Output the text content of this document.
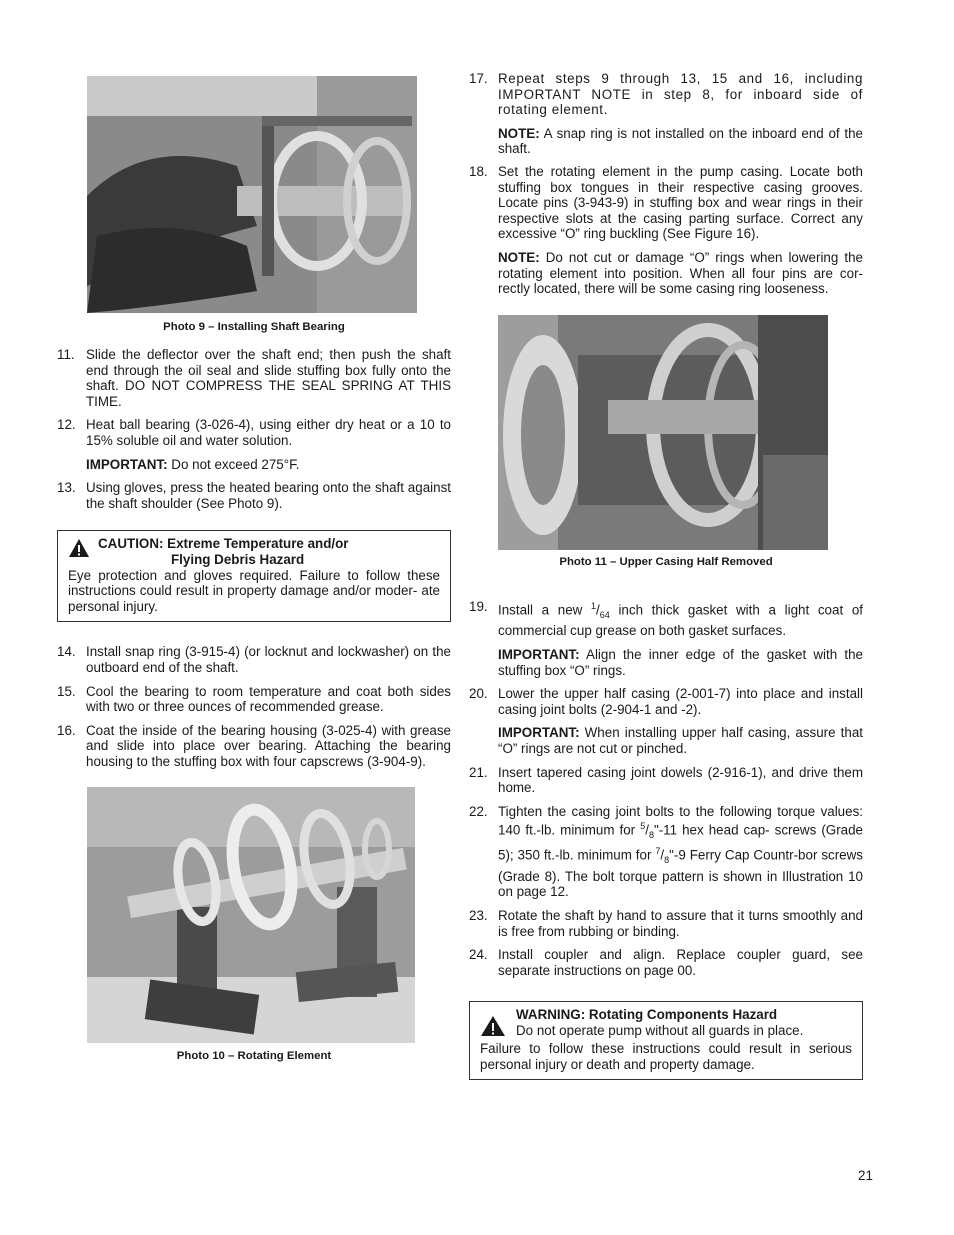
Photo 9 – Installing Shaft Bearing
11. Slide the deflector over the shaft end; then push the shaft end through the oil seal and slide stuffing box fully onto the shaft. DO NOT COMPRESS THE SEAL SPRING AT THIS TIME.
12. Heat ball bearing (3-026-4), using either dry heat or a 10 to 15% soluble oil and water solution.
IMPORTANT: Do not exceed 275°F.
13. Using gloves, press the heated bearing onto the shaft against the shaft shoulder (See Photo 9).
CAUTION: Extreme Temperature and/or
Flying Debris Hazard
Eye protection and gloves required. Failure to follow these instructions could result in property damage and/or moder- ate personal injury.
14. Install snap ring (3-915-4) (or locknut and lockwasher) on the outboard end of the shaft.
15. Cool the bearing to room temperature and coat both sides with two or three ounces of recommended grease.
16. Coat the inside of the bearing housing (3-025-4) with grease and slide into place over bearing. Attaching the bearing housing to the stuffing box with four capscrews (3-904-9).
Photo 10 – Rotating Element
17. Repeat steps 9 through 13, 15 and 16, including IMPORTANT NOTE in step 8, for inboard side of rotating element.
NOTE: A snap ring is not installed on the inboard end of the shaft.
18. Set the rotating element in the pump casing. Locate both stuffing box tongues in their respective casing grooves. Locate pins (3-943-9) in stuffing box and wear rings in their respective slots at the casing parting surface. Correct any excessive “O” ring buckling (See Figure 16).
NOTE: Do not cut or damage “O” rings when lowering the rotating element into position. When all four pins are cor- rectly located, there will be some casing ring looseness.
Photo 11 – Upper Casing Half Removed
19. Install a new $^1/_{64}$ inch thick gasket with a light coat of commercial cup grease on both gasket surfaces.
IMPORTANT: Align the inner edge of the gasket with the stuffing box “O” rings.
20. Lower the upper half casing (2-001-7) into place and install casing joint bolts (2-904-1 and -2).
IMPORTANT: When installing upper half casing, assure that “O” rings are not cut or pinched.
21. Insert tapered casing joint dowels (2-916-1), and drive them home.
22. Tighten the casing joint bolts to the following torque values: 140 ft.-lb. minimum for $^5/_8"-11$ hex head cap- screws (Grade 5); 350 ft.-lb. minimum for $^7/_8"-9$ Ferry Cap Countr-bor screws (Grade 8). The bolt torque pattern is shown in Illustration 10 on page 12.
23. Rotate the shaft by hand to assure that it turns smoothly and is free from rubbing or binding.
24. Install coupler and align. Replace coupler guard, see separate instructions on page 00.
WARNING: Rotating Components Hazard
Do not operate pump without all guards in place.
Failure to follow these instructions could result in serious personal injury or death and property damage.
21
